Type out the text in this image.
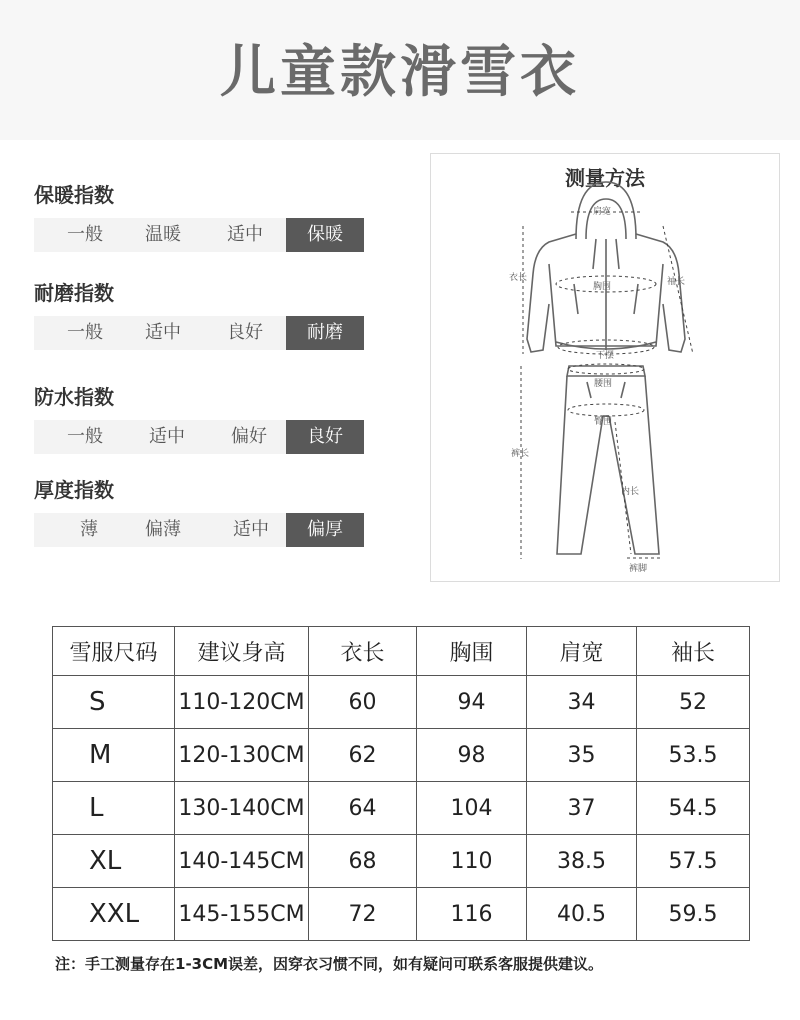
儿童款滑雪衣
保暖指数
一般	温暖	适中	保暖
耐磨指数
一般	适中	良好	耐磨
防水指数
一般	适中	偏好	良好
厚度指数
薄	偏薄	适中	偏厚
测量方法
肩宽
衣长	袖长
胸围
下摆
腰围
臀围
裤长
内长
裤脚
雪服尺码	建议身高	衣长	胸围	肩宽	袖长
S	110-120CM	60	94	34	52
M	120-130CM	62	98	35	53.5
L	130-140CM	64	104	37	54.5
XL	140-145CM	68	110	38.5	57.5
XXL	145-155CM	72	116	40.5	59.5
注：手工测量存在1-3CM误差，因穿衣习惯不同，如有疑问可联系客服提供建议。
